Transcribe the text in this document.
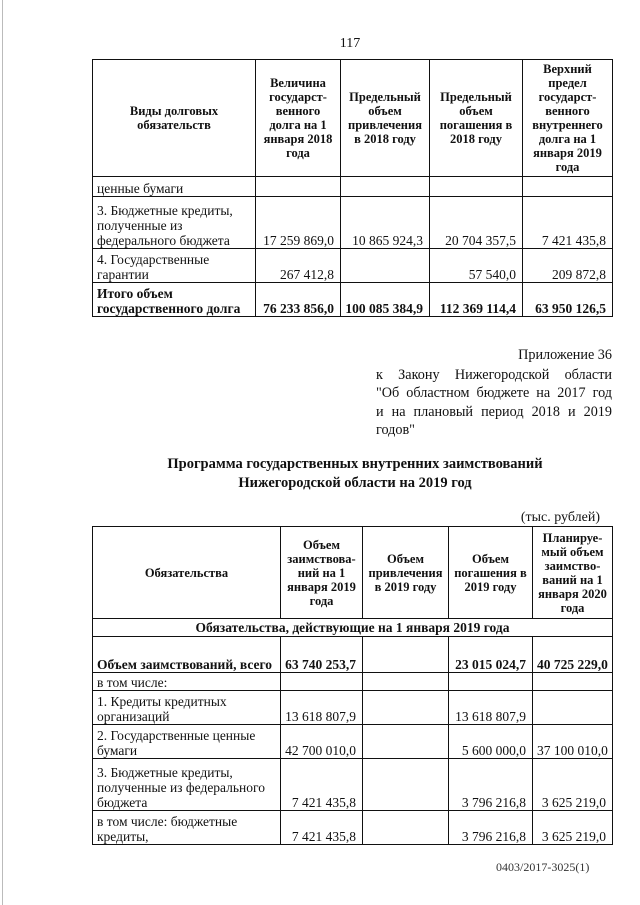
117
Виды долговых обязательств	Величина государст-венного долга на 1 января 2018 года	Предельный объем привлечения в 2018 году	Предельный объем погашения в 2018 году	Верхний предел государст-венного внутреннего долга на 1 января 2019 года
ценные бумаги				
3. Бюджетные кредиты, полученные из федерального бюджета	17 259 869,0	10 865 924,3	20 704 357,5	7 421 435,8
4. Государственные гарантии	267 412,8		57 540,0	209 872,8
Итого объем государственного долга	76 233 856,0	100 085 384,9	112 369 114,4	63 950 126,5
Приложение 36
к Закону Нижегородской области
"Об областном бюджете на 2017 год
и на плановый период 2018 и 2019
годов"
Программа государственных внутренних заимствований
Нижегородской области на 2019 год
(тыс. рублей)
Обязательства	Объем заимствова-ний на 1 января 2019 года	Объем привлечения в 2019 году	Объем погашения в 2019 году	Планируе-мый объем заимство-ваний на 1 января 2020 года
Обязательства, действующие на 1 января 2019 года				
Объем заимствований, всего	63 740 253,7		23 015 024,7	40 725 229,0
в том числе:				
1. Кредиты кредитных организаций	13 618 807,9		13 618 807,9	
2. Государственные ценные бумаги	42 700 010,0		5 600 000,0	37 100 010,0
3. Бюджетные кредиты, полученные из федерального бюджета	7 421 435,8		3 796 216,8	3 625 219,0
в том числе: бюджетные кредиты,	7 421 435,8		3 796 216,8	3 625 219,0
0403/2017-3025(1)
